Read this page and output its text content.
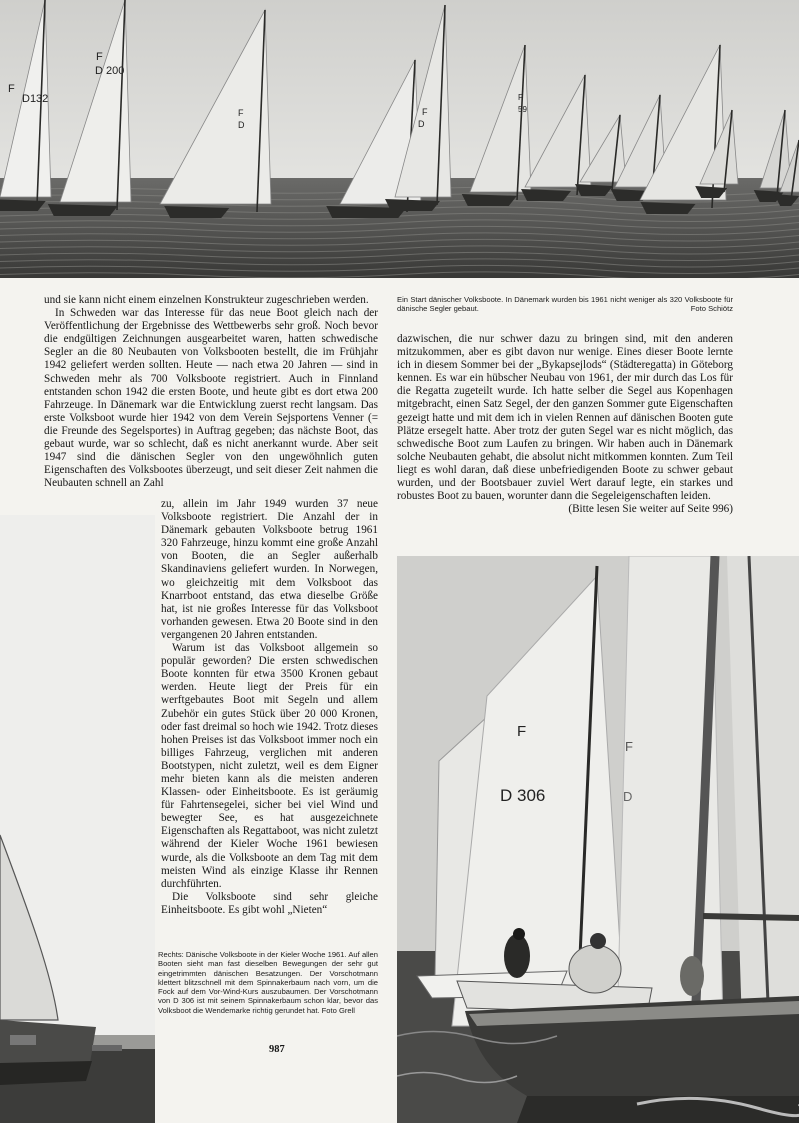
F
D132
F
D 200
F
D
F
D
F
59
Ein Start dänischer Volksboote. In Dänemark wurden bis 1961 nicht weniger als 320 Volksboote für dänische Segler gebaut.	Foto Schiötz

und sie kann nicht einem einzelnen Konstrukteur zugeschrieben werden.

In Schweden war das Interesse für das neue Boot gleich nach der Veröffentlichung der Ergebnisse des Wettbewerbs sehr groß. Noch bevor die endgültigen Zeichnungen ausgearbeitet waren, hatten schwedische Segler an die 80 Neubauten von Volksbooten bestellt, die im Frühjahr 1942 geliefert werden sollten. Heute — nach etwa 20 Jahren — sind in Schweden mehr als 700 Volksboote registriert. Auch in Finnland entstanden schon 1942 die ersten Boote, und heute gibt es dort etwa 200 Fahrzeuge. In Dänemark war die Entwicklung zuerst recht langsam. Das erste Volksboot wurde hier 1942 von dem Verein Sejsportens Venner (= die Freunde des Segelsportes) in Auftrag gegeben; das nächste Boot, das gebaut wurde, war so schlecht, daß es nicht anerkannt wurde. Aber seit 1947 sind die dänischen Segler von den ungewöhnlich guten Eigenschaften des Volksbootes überzeugt, und seit dieser Zeit nahmen die Neubauten schnell an Zahl

dazwischen, die nur schwer dazu zu bringen sind, mit den anderen mitzukommen, aber es gibt davon nur wenige. Eines dieser Boote lernte ich in diesem Sommer bei der „Bykapsejlods“ (Städteregatta) in Göteborg kennen. Es war ein hübscher Neubau von 1961, der mir durch das Los für die Regatta zugeteilt wurde. Ich hatte selber die Segel aus Kopenhagen mitgebracht, einen Satz Segel, der den ganzen Sommer gute Eigenschaften gezeigt hatte und mit dem ich in vielen Rennen auf dänischen Booten gute Plätze ersegelt hatte. Aber trotz der guten Segel war es nicht möglich, das schwedische Boot zum Laufen zu bringen. Wir haben auch in Dänemark solche Neubauten gehabt, die absolut nicht mitkommen konnten. Zum Teil liegt es wohl daran, daß diese unbefriedigenden Boote zu schwer gebaut wurden, und der Bootsbauer zuviel Wert darauf legte, ein starkes und robustes Boot zu bauen, worunter dann die Segeleigenschaften leiden.

(Bitte lesen Sie weiter auf Seite 996)

zu, allein im Jahr 1949 wurden 37 neue Volksboote registriert. Die Anzahl der in Dänemark gebauten Volksboote betrug 1961 320 Fahrzeuge, hinzu kommt eine große Anzahl von Booten, die an Segler außerhalb Skandinaviens geliefert wurden. In Norwegen, wo gleichzeitig mit dem Volksboot das Knarrboot entstand, das etwa dieselbe Größe hat, ist nie großes Interesse für das Volksboot vorhanden gewesen. Etwa 20 Boote sind in den vergangenen 20 Jahren entstanden.

Warum ist das Volksboot allgemein so populär geworden? Die ersten schwedischen Boote konnten für etwa 3500 Kronen gebaut werden. Heute liegt der Preis für ein werftgebautes Boot mit Segeln und allem Zubehör ein gutes Stück über 20 000 Kronen, oder fast dreimal so hoch wie 1942. Trotz dieses hohen Preises ist das Volksboot immer noch ein billiges Fahrzeug, verglichen mit anderen Bootstypen, nicht zuletzt, weil es dem Eigner mehr bieten kann als die meisten anderen Klassen- oder Einheitsboote. Es ist geräumig für Fahrtensegelei, sicher bei viel Wind und bewegter See, es hat ausgezeichnete Eigenschaften als Regattaboot, was nicht zuletzt während der Kieler Woche 1961 bewiesen wurde, als die Volksboote an dem Tag mit dem meisten Wind als einzige Klasse ihr Rennen durchführten.

Die Volksboote sind sehr gleiche Einheitsboote. Es gibt wohl „Nieten“

Rechts: Dänische Volksboote in der Kieler Woche 1961. Auf allen Booten sieht man fast dieselben Bewegungen der sehr gut eingetrimmten dänischen Besatzungen. Der Vorschotmann klettert blitzschnell mit dem Spinnakerbaum nach vorn, um die Fock auf dem Vor-Wind-Kurs auszubaumen. Der Vorschotmann von D 306 ist mit seinem Spinnakerbaum schon klar, bevor das Volksboot die Wendemarke richtig gerundet hat. Foto Grell
987
F
D 306
F
D
